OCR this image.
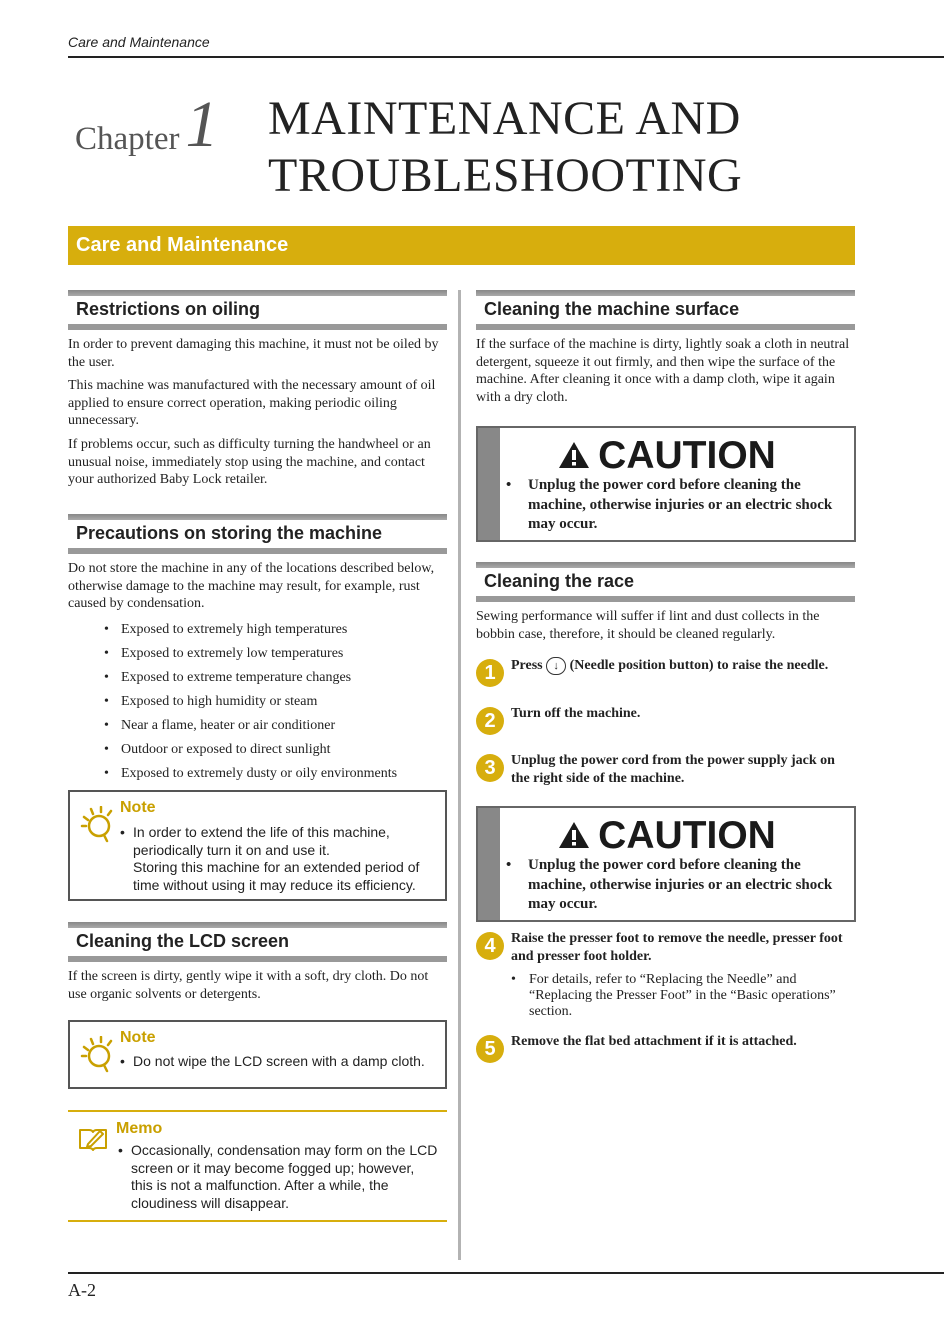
Care and Maintenance
Chapter1 MAINTENANCE AND
TROUBLESHOOTING
Care and Maintenance
Restrictions on oiling
In order to prevent damaging this machine, it must not be oiled by the user.
This machine was manufactured with the necessary amount of oil applied to ensure correct operation, making periodic oiling unnecessary.
If problems occur, such as difficulty turning the handwheel or an unusual noise, immediately stop using the machine, and contact your authorized Baby Lock retailer.
Precautions on storing the machine
Do not store the machine in any of the locations described below, otherwise damage to the machine may result, for example, rust caused by condensation.
• Exposed to extremely high temperatures
• Exposed to extremely low temperatures
• Exposed to extreme temperature changes
• Exposed to high humidity or steam
• Near a flame, heater or air conditioner
• Outdoor or exposed to direct sunlight
• Exposed to extremely dusty or oily environments
Note
• In order to extend the life of this machine, periodically turn it on and use it.
Storing this machine for an extended period of time without using it may reduce its efficiency.
Cleaning the LCD screen
If the screen is dirty, gently wipe it with a soft, dry cloth. Do not use organic solvents or detergents.
Note
• Do not wipe the LCD screen with a damp cloth.
Memo
• Occasionally, condensation may form on the LCD screen or it may become fogged up; however, this is not a malfunction. After a while, the cloudiness will disappear.
Cleaning the machine surface
If the surface of the machine is dirty, lightly soak a cloth in neutral detergent, squeeze it out firmly, and then wipe the surface of the machine. After cleaning it once with a damp cloth, wipe it again with a dry cloth.
CAUTION
• Unplug the power cord before cleaning the machine, otherwise injuries or an electric shock may occur.
Cleaning the race
Sewing performance will suffer if lint and dust collects in the bobbin case, therefore, it should be cleaned regularly.
1	Press ↓ (Needle position button) to raise the needle.
2	Turn off the machine.
3	Unplug the power cord from the power supply jack on the right side of the machine.
CAUTION
• Unplug the power cord before cleaning the machine, otherwise injuries or an electric shock may occur.
4	Raise the presser foot to remove the needle, presser foot and presser foot holder.
• For details, refer to “Replacing the Needle” and “Replacing the Presser Foot” in the “Basic operations” section.
5	Remove the flat bed attachment if it is attached.
A-2
